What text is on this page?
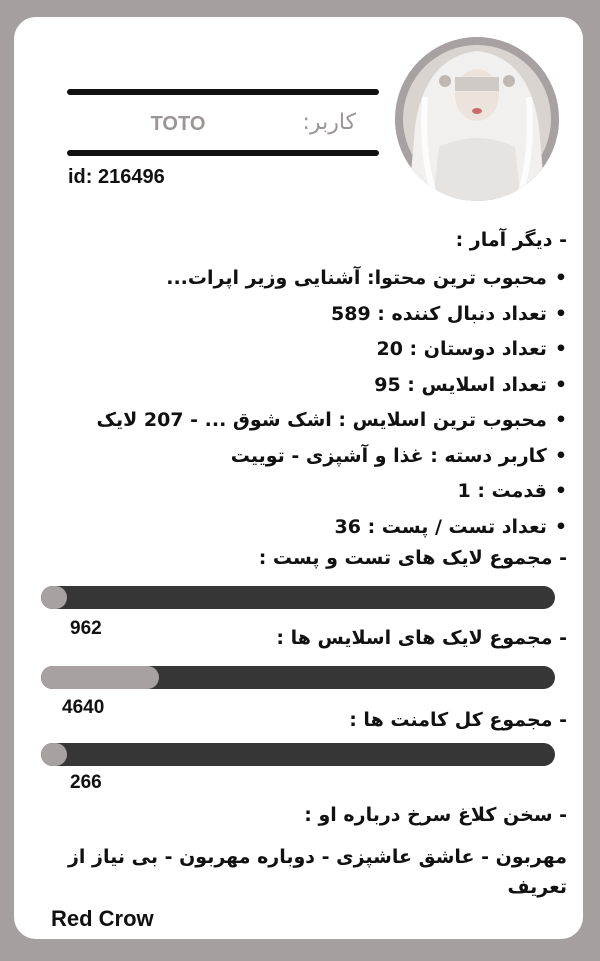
کاربر:
TOTO
id: 216496
- دیگر آمار :
• محبوب ترین محتوا: آشنایی وزیر اپرات...
• تعداد دنبال کننده : 589
• تعداد دوستان : 20
• تعداد اسلایس : 95
• محبوب ترین اسلایس : اشک شوق ... - 207 لایک
• کاربر دسته : غذا و آشپزی - توییت
• قدمت : 1
• تعداد تست / پست : 36
- مجموع لایک های تست و پست :
962	- مجموع لایک های اسلایس ها :
4640
- مجموع کل کامنت ها :
266
- سخن کلاغ سرخ درباره او :
مهربون - عاشق عاشپزی - دوباره مهربون - بی نیاز از تعریف
Red Crow
